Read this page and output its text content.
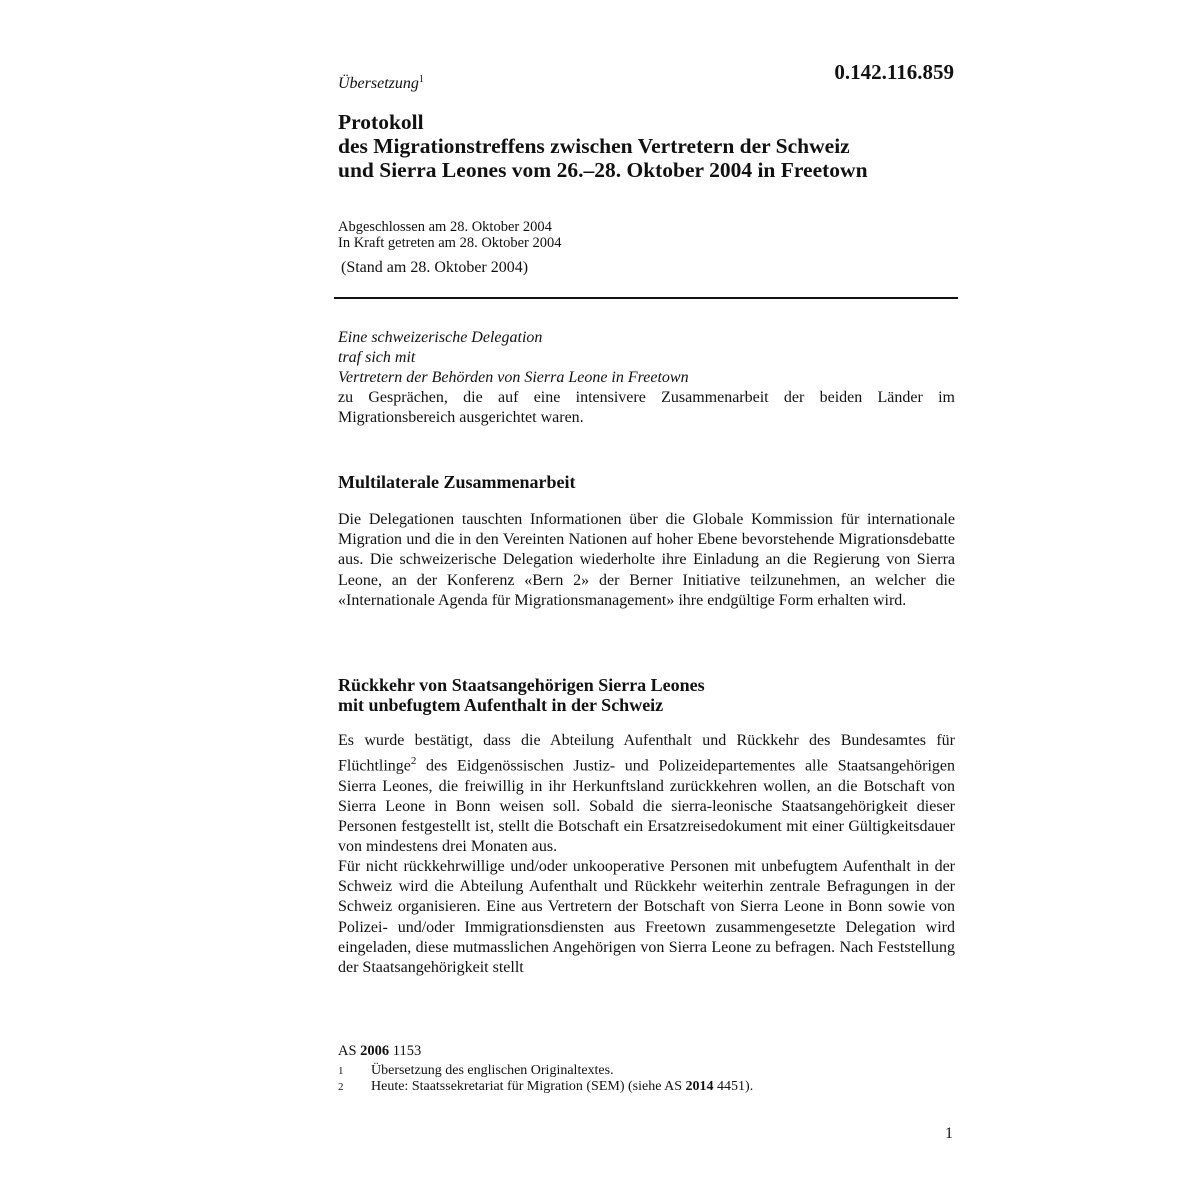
0.142.116.859
Übersetzung$^1$
Protokoll
des Migrationstreffens zwischen Vertretern der Schweiz
und Sierra Leones vom 26.–28. Oktober 2004 in Freetown
Abgeschlossen am 28. Oktober 2004
In Kraft getreten am 28. Oktober 2004
(Stand am 28. Oktober 2004)
Eine schweizerische Delegation
traf sich mit
Vertretern der Behörden von Sierra Leone in Freetown
zu Gesprächen, die auf eine intensivere Zusammenarbeit der beiden Länder im Migrationsbereich ausgerichtet waren.
Multilaterale Zusammenarbeit
Die Delegationen tauschten Informationen über die Globale Kommission für internationale Migration und die in den Vereinten Nationen auf hoher Ebene bevorstehende Migrationsdebatte aus. Die schweizerische Delegation wiederholte ihre Einladung an die Regierung von Sierra Leone, an der Konferenz «Bern 2» der Berner Initiative teilzunehmen, an welcher die «Internationale Agenda für Migrationsmanagement» ihre endgültige Form erhalten wird.
Rückkehr von Staatsangehörigen Sierra Leones
mit unbefugtem Aufenthalt in der Schweiz
Es wurde bestätigt, dass die Abteilung Aufenthalt und Rückkehr des Bundesamtes für Flüchtlinge$^2$ des Eidgenössischen Justiz- und Polizeidepartementes alle Staatsangehörigen Sierra Leones, die freiwillig in ihr Herkunftsland zurückkehren wollen, an die Botschaft von Sierra Leone in Bonn weisen soll. Sobald die sierra-leonische Staatsangehörigkeit dieser Personen festgestellt ist, stellt die Botschaft ein Ersatzreisedokument mit einer Gültigkeitsdauer von mindestens drei Monaten aus.
Für nicht rückkehrwillige und/oder unkooperative Personen mit unbefugtem Aufenthalt in der Schweiz wird die Abteilung Aufenthalt und Rückkehr weiterhin zentrale Befragungen in der Schweiz organisieren. Eine aus Vertretern der Botschaft von Sierra Leone in Bonn sowie von Polizei- und/oder Immigrationsdiensten aus Freetown zusammengesetzte Delegation wird eingeladen, diese mutmasslichen Angehörigen von Sierra Leone zu befragen. Nach Feststellung der Staatsangehörigkeit stellt
AS 2006 1153
1	Übersetzung des englischen Originaltextes.
2	Heute: Staatssekretariat für Migration (SEM) (siehe AS 2014 4451).
1
